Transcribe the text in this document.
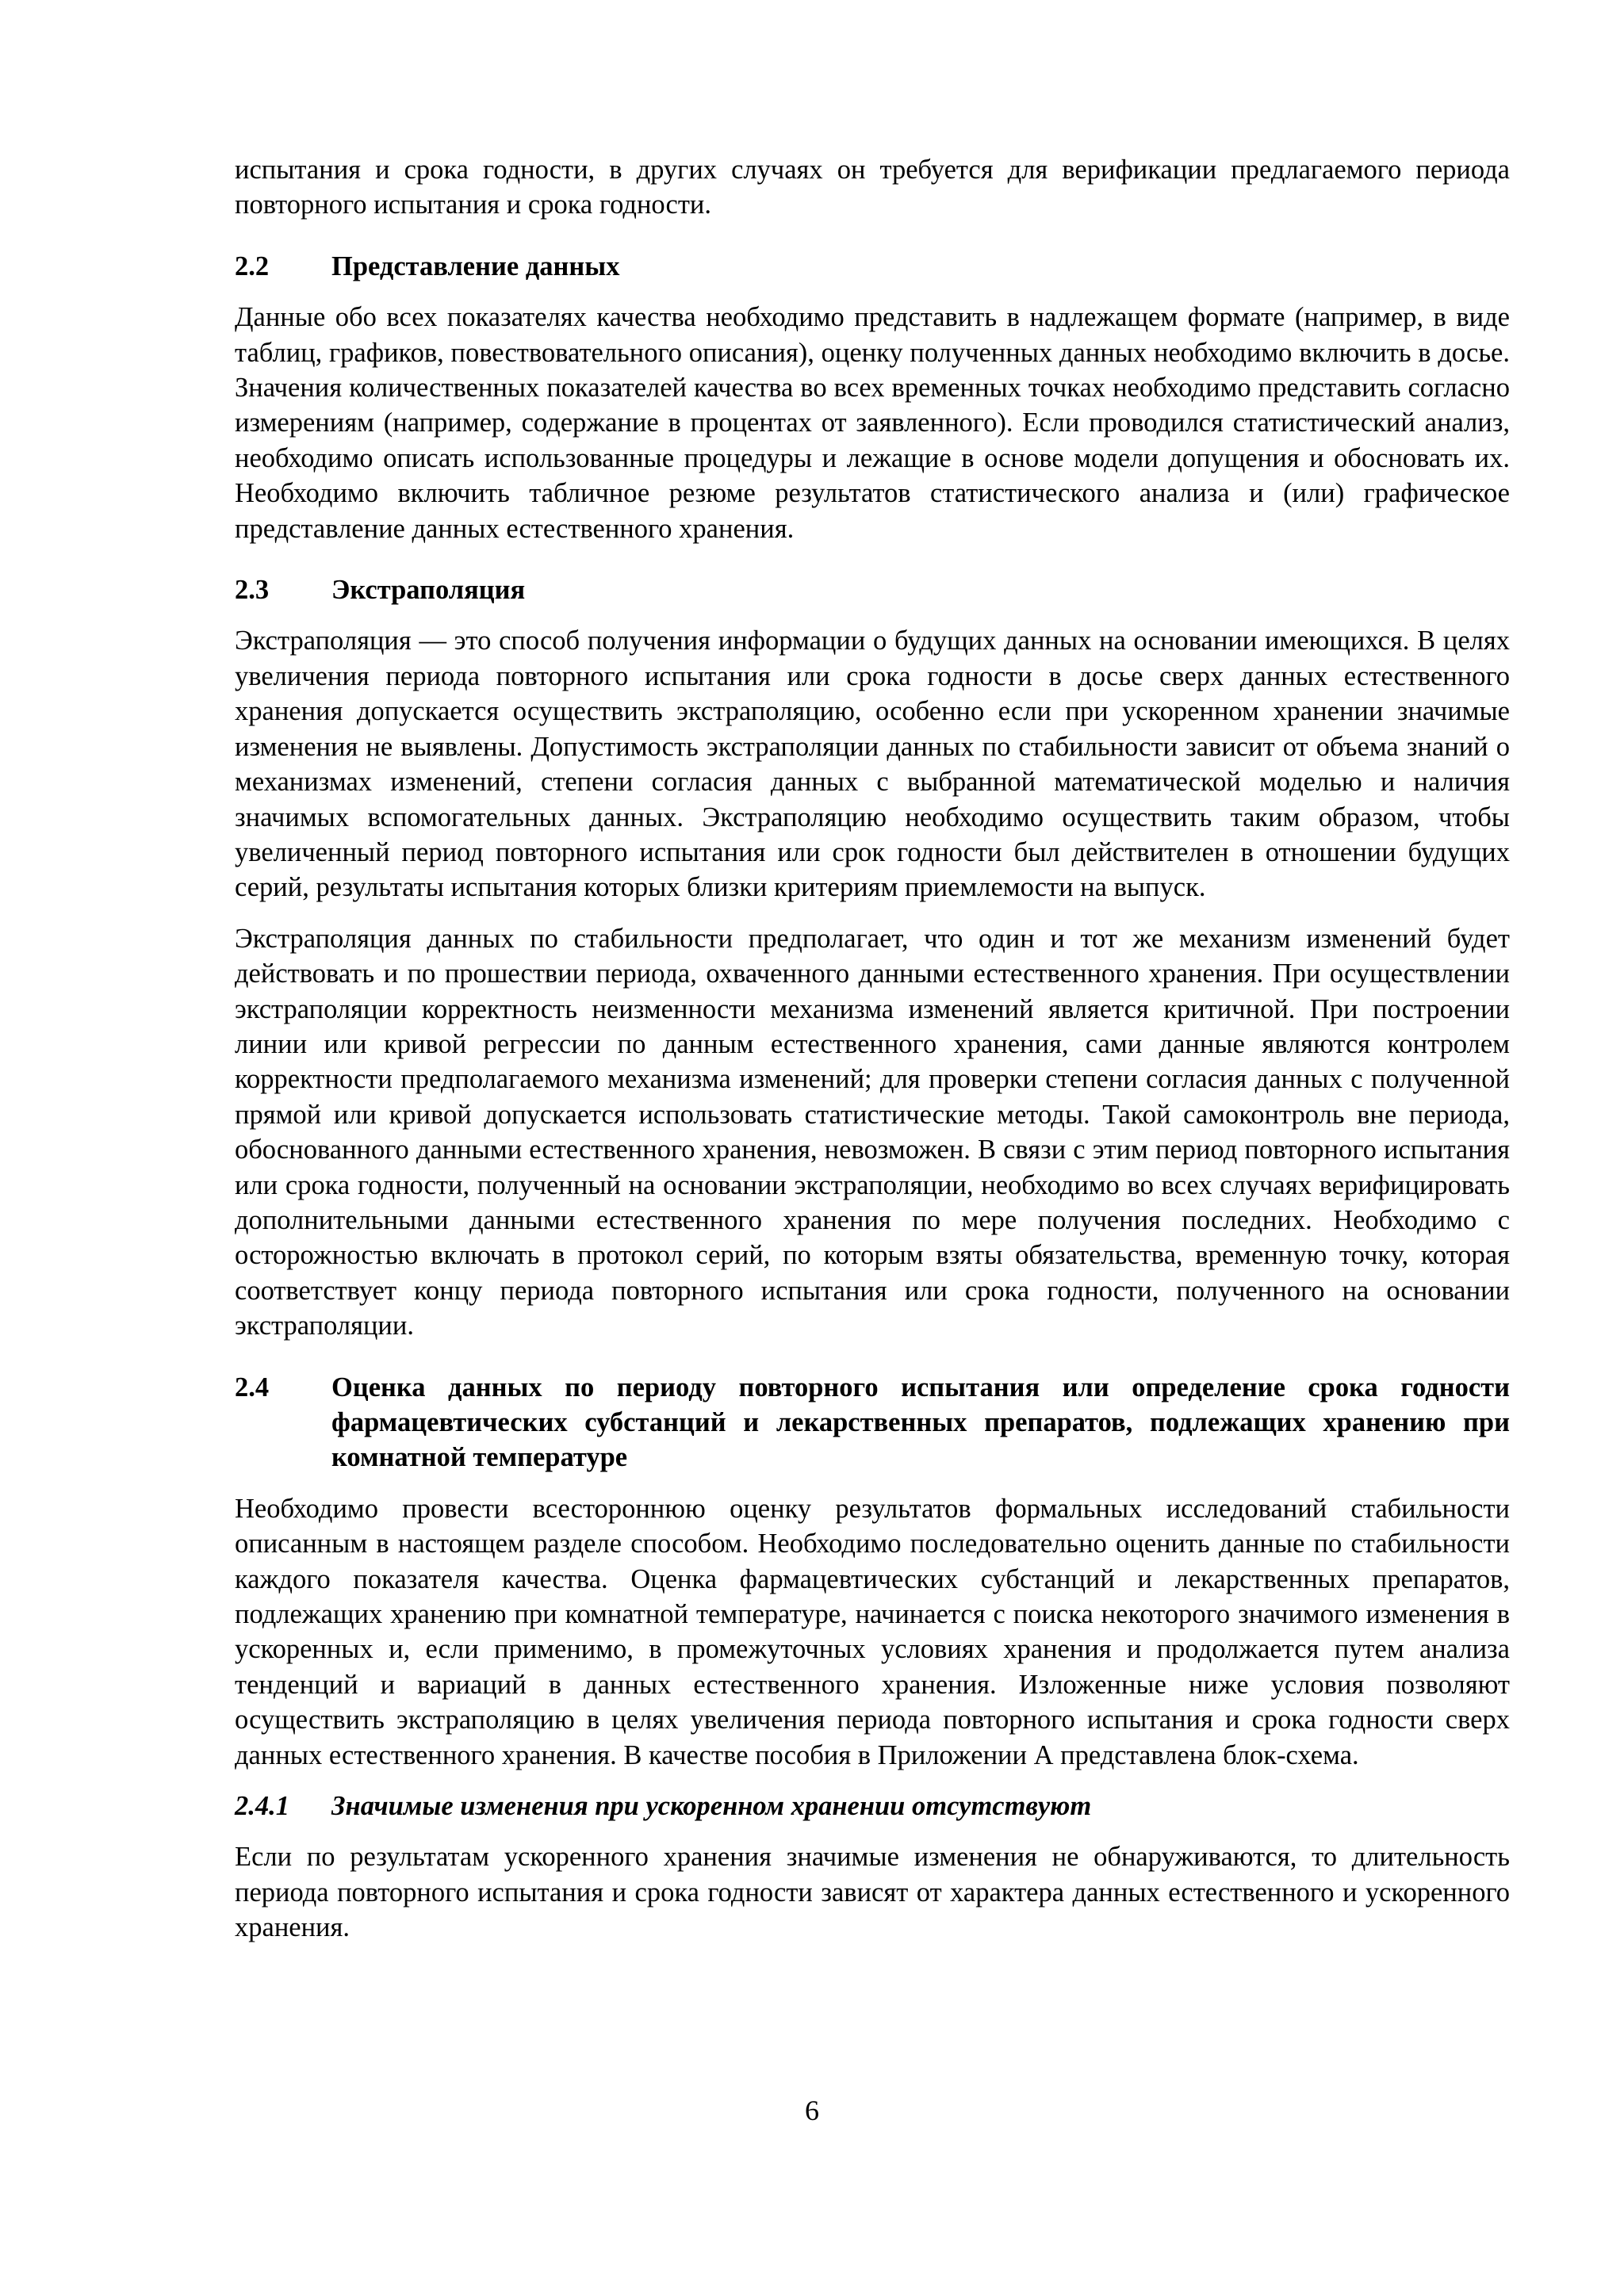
испытания и срока годности, в других случаях он требуется для верификации предлагаемого периода повторного испытания и срока годности.

2.2	Представление данных

Данные обо всех показателях качества необходимо представить в надлежащем формате (например, в виде таблиц, графиков, повествовательного описания), оценку полученных данных необходимо включить в досье. Значения количественных показателей качества во всех временных точках необходимо представить согласно измерениям (например, содержание в процентах от заявленного). Если проводился статистический анализ, необходимо описать использованные процедуры и лежащие в основе модели допущения и обосновать их. Необходимо включить табличное резюме результатов статистического анализа и (или) графическое представление данных естественного хранения.

2.3	Экстраполяция

Экстраполяция — это способ получения информации о будущих данных на основании имеющихся. В целях увеличения периода повторного испытания или срока годности в досье сверх данных естественного хранения допускается осуществить экстраполяцию, особенно если при ускоренном хранении значимые изменения не выявлены. Допустимость экстраполяции данных по стабильности зависит от объема знаний о механизмах изменений, степени согласия данных с выбранной математической моделью и наличия значимых вспомогательных данных. Экстраполяцию необходимо осуществить таким образом, чтобы увеличенный период повторного испытания или срок годности был действителен в отношении будущих серий, результаты испытания которых близки критериям приемлемости на выпуск.

Экстраполяция данных по стабильности предполагает, что один и тот же механизм изменений будет действовать и по прошествии периода, охваченного данными естественного хранения. При осуществлении экстраполяции корректность неизменности механизма изменений является критичной. При построении линии или кривой регрессии по данным естественного хранения, сами данные являются контролем корректности предполагаемого механизма изменений; для проверки степени согласия данных с полученной прямой или кривой допускается использовать статистические методы. Такой самоконтроль вне периода, обоснованного данными естественного хранения, невозможен. В связи с этим период повторного испытания или срока годности, полученный на основании экстраполяции, необходимо во всех случаях верифицировать дополнительными данными естественного хранения по мере получения последних. Необходимо с осторожностью включать в протокол серий, по которым взяты обязательства, временную точку, которая соответствует концу периода повторного испытания или срока годности, полученного на основании экстраполяции.

2.4	Оценка данных по периоду повторного испытания или определение срока годности фармацевтических субстанций и лекарственных препаратов, подлежащих хранению при комнатной температуре

Необходимо провести всестороннюю оценку результатов формальных исследований стабильности описанным в настоящем разделе способом. Необходимо последовательно оценить данные по стабильности каждого показателя качества. Оценка фармацевтических субстанций и лекарственных препаратов, подлежащих хранению при комнатной температуре, начинается с поиска некоторого значимого изменения в ускоренных и, если применимо, в промежуточных условиях хранения и продолжается путем анализа тенденций и вариаций в данных естественного хранения. Изложенные ниже условия позволяют осуществить экстраполяцию в целях увеличения периода повторного испытания и срока годности сверх данных естественного хранения. В качестве пособия в Приложении А представлена блок-схема.

2.4.1	Значимые изменения при ускоренном хранении отсутствуют

Если по результатам ускоренного хранения значимые изменения не обнаруживаются, то длительность периода повторного испытания и срока годности зависят от характера данных естественного и ускоренного хранения.

6
